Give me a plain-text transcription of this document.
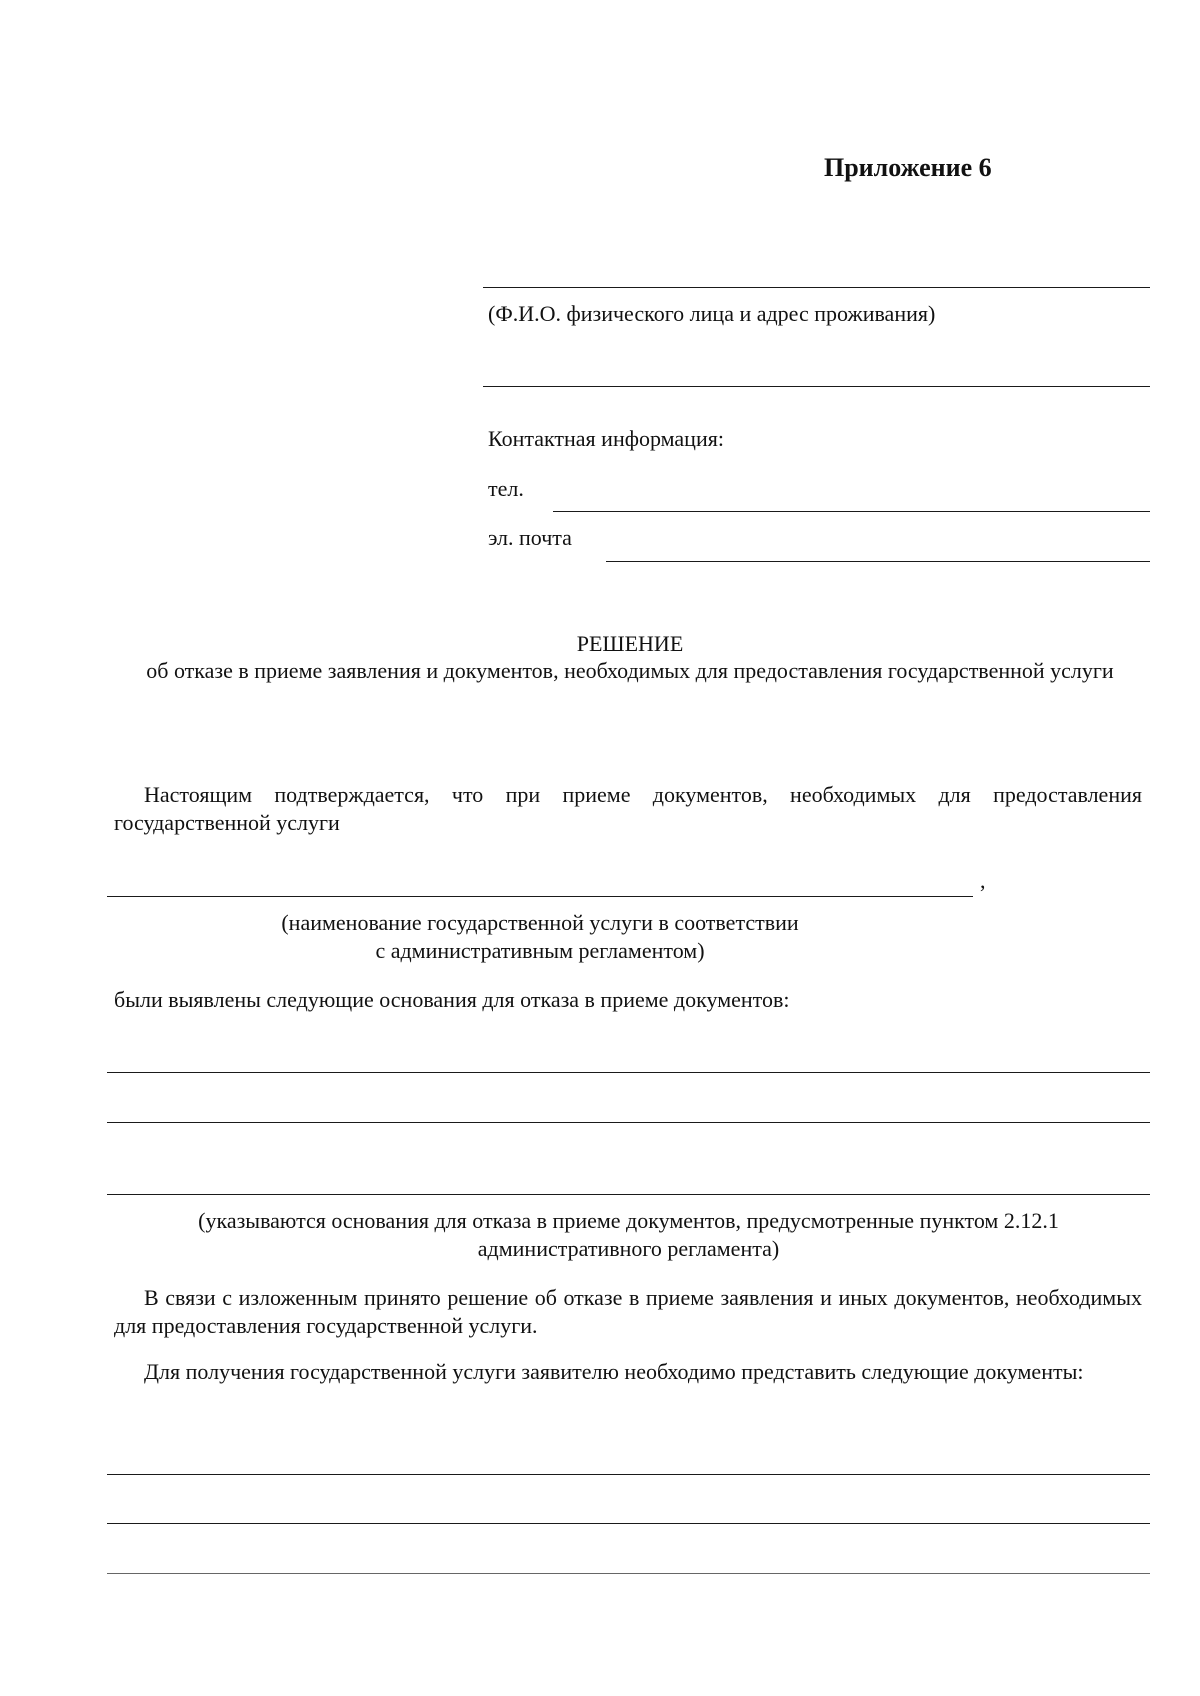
Приложение 6
(Ф.И.О. физического лица и адрес проживания)
Контактная информация:
тел.
эл. почта
РЕШЕНИЕ
об отказе в приеме заявления и документов, необходимых для предоставления государственной услуги
Настоящим подтверждается, что при приеме документов, необходимых для предоставления государственной услуги
,
(наименование государственной услуги в соответствии
с административным регламентом)
были выявлены следующие основания для отказа в приеме документов:
(указываются основания для отказа в приеме документов, предусмотренные пунктом 2.12.1
административного регламента)
В связи с изложенным принято решение об отказе в приеме заявления и иных документов, необходимых для предоставления государственной услуги.
Для получения государственной услуги заявителю необходимо представить следующие документы:
